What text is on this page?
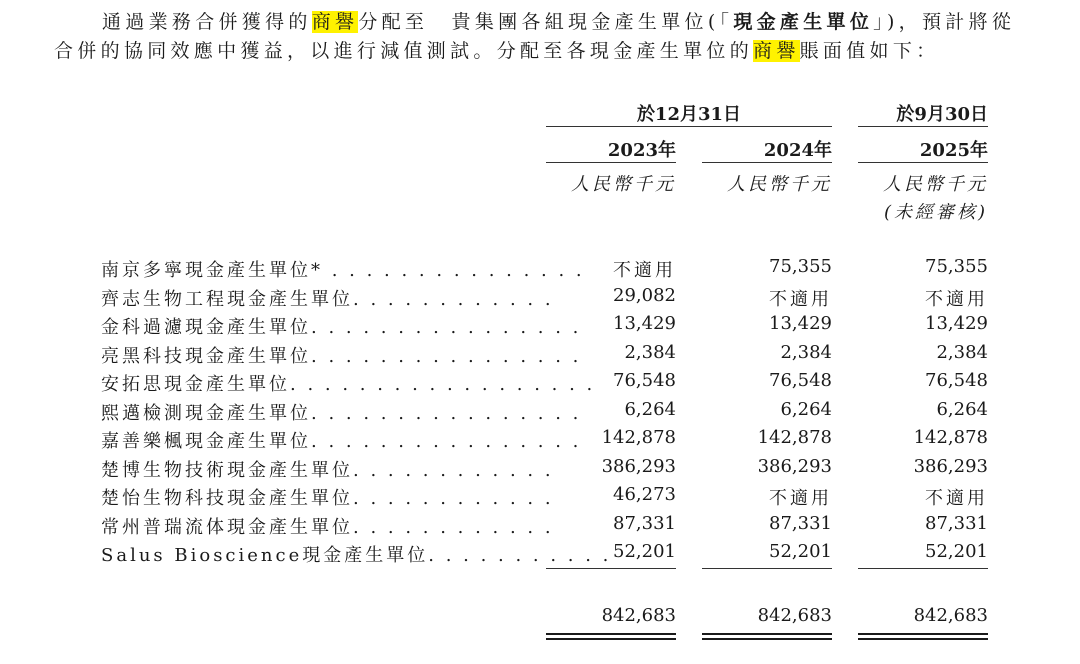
通過業務合併獲得的商譽分配至　貴集團各組現金產生單位(「現金產生單位」)，預計將從
合併的協同效應中獲益，以進行減值測試。分配至各現金產生單位的商譽賬面值如下：
於12月31日	於9月30日
2023年	2024年	2025年
人民幣千元	人民幣千元	人民幣千元
(未經審核)
南京多寧現金產生單位* . . . . . . . . . . . . . . .	不適用	75,355	75,355
齊志生物工程現金產生單位. . . . . . . . . . . .	29,082	不適用	不適用
金科過濾現金產生單位. . . . . . . . . . . . . . . .	13,429	13,429	13,429
亮黑科技現金產生單位. . . . . . . . . . . . . . . .	2,384	2,384	2,384
安拓思現金產生單位. . . . . . . . . . . . . . . . . . 76,548	76,548	76,548
熙邁檢測現金產生單位. . . . . . . . . . . . . . . .	6,264	6,264	6,264
嘉善樂楓現金產生單位. . . . . . . . . . . . . . . .	142,878	142,878	142,878
楚博生物技術現金產生單位. . . . . . . . . . . .	386,293	386,293	386,293
楚怡生物科技現金產生單位. . . . . . . . . . . .	46,273	不適用	不適用
常州普瑞流体現金產生單位. . . . . . . . . . . .	87,331	87,331	87,331
Salus Bioscience現金產生單位. . . . . . . . . . . 52,201	52,201	52,201
842,683	842,683	842,683
